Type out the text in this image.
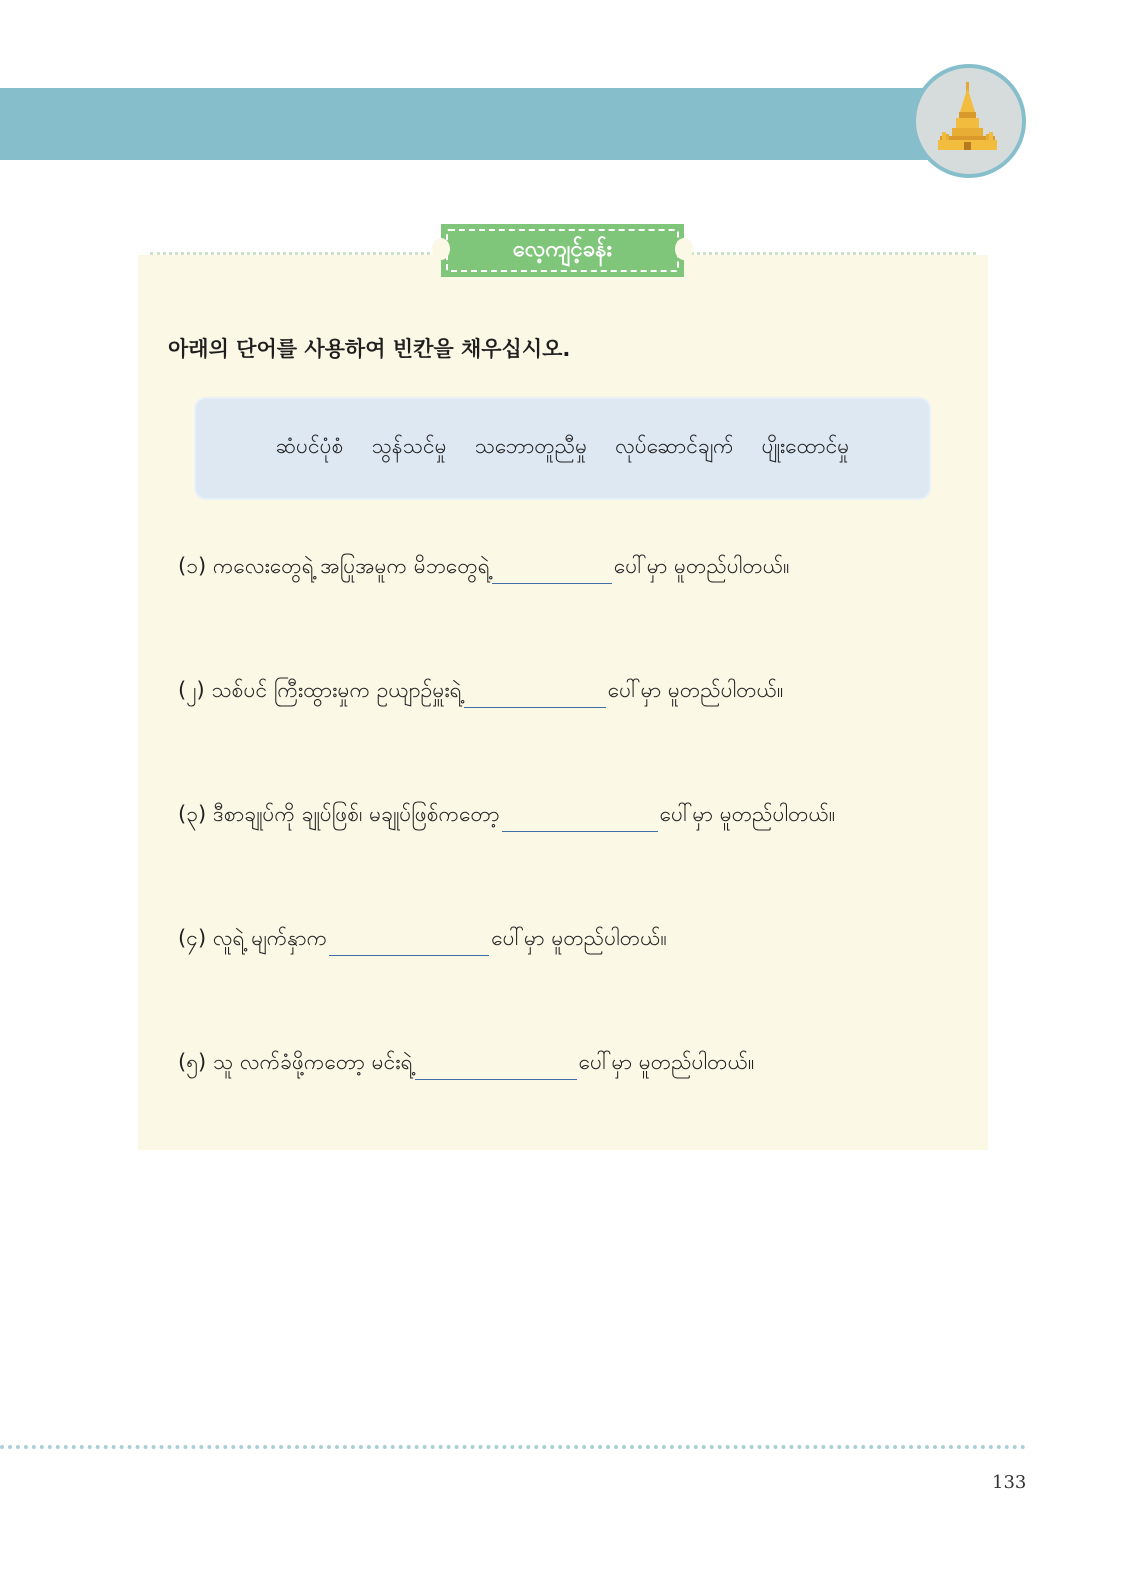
လေ့ကျင့်ခန်း
아래의 단어를 사용하여 빈칸을 채우십시오.
ဆံပင်ပုံစံ သွန်သင်မှု သဘောတူညီမှု လုပ်ဆောင်ချက် ပျိုးထောင်မှု
(၁) ကလေးတွေရဲ့ အပြုအမူက မိဘတွေရဲ့	ပေါ်မှာ မူတည်ပါတယ်။
(၂) သစ်ပင် ကြီးထွားမှုက ဥယျာဉ်မှူးရဲ့	ပေါ်မှာ မူတည်ပါတယ်။
(၃) ဒီစာချုပ်ကို ချုပ်ဖြစ်၊ မချုပ်ဖြစ်ကတော့	ပေါ်မှာ မူတည်ပါတယ်။
(၄) လူရဲ့ မျက်နှာက	ပေါ်မှာ မူတည်ပါတယ်။
(၅) သူ လက်ခံဖို့ကတော့ မင်းရဲ့	ပေါ်မှာ မူတည်ပါတယ်။
133
